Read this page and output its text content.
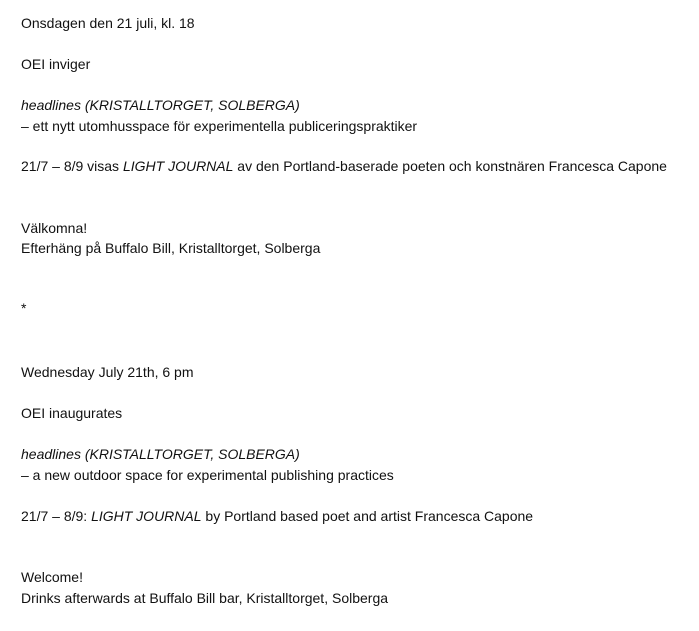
Onsdagen den 21 juli, kl. 18

OEI inviger

headlines (KRISTALLTORGET, SOLBERGA)

– ett nytt utomhusspace för experimentella publiceringspraktiker

21/7 – 8/9 visas LIGHT JOURNAL av den Portland-baserade poeten och konstnären Francesca Capone

Välkomna!

Efterhäng på Buffalo Bill, Kristalltorget, Solberga

*

Wednesday July 21th, 6 pm

OEI inaugurates

headlines (KRISTALLTORGET, SOLBERGA)

– a new outdoor space for experimental publishing practices

21/7 – 8/9: LIGHT JOURNAL by Portland based poet and artist Francesca Capone

Welcome!

Drinks afterwards at Buffalo Bill bar, Kristalltorget, Solberga
